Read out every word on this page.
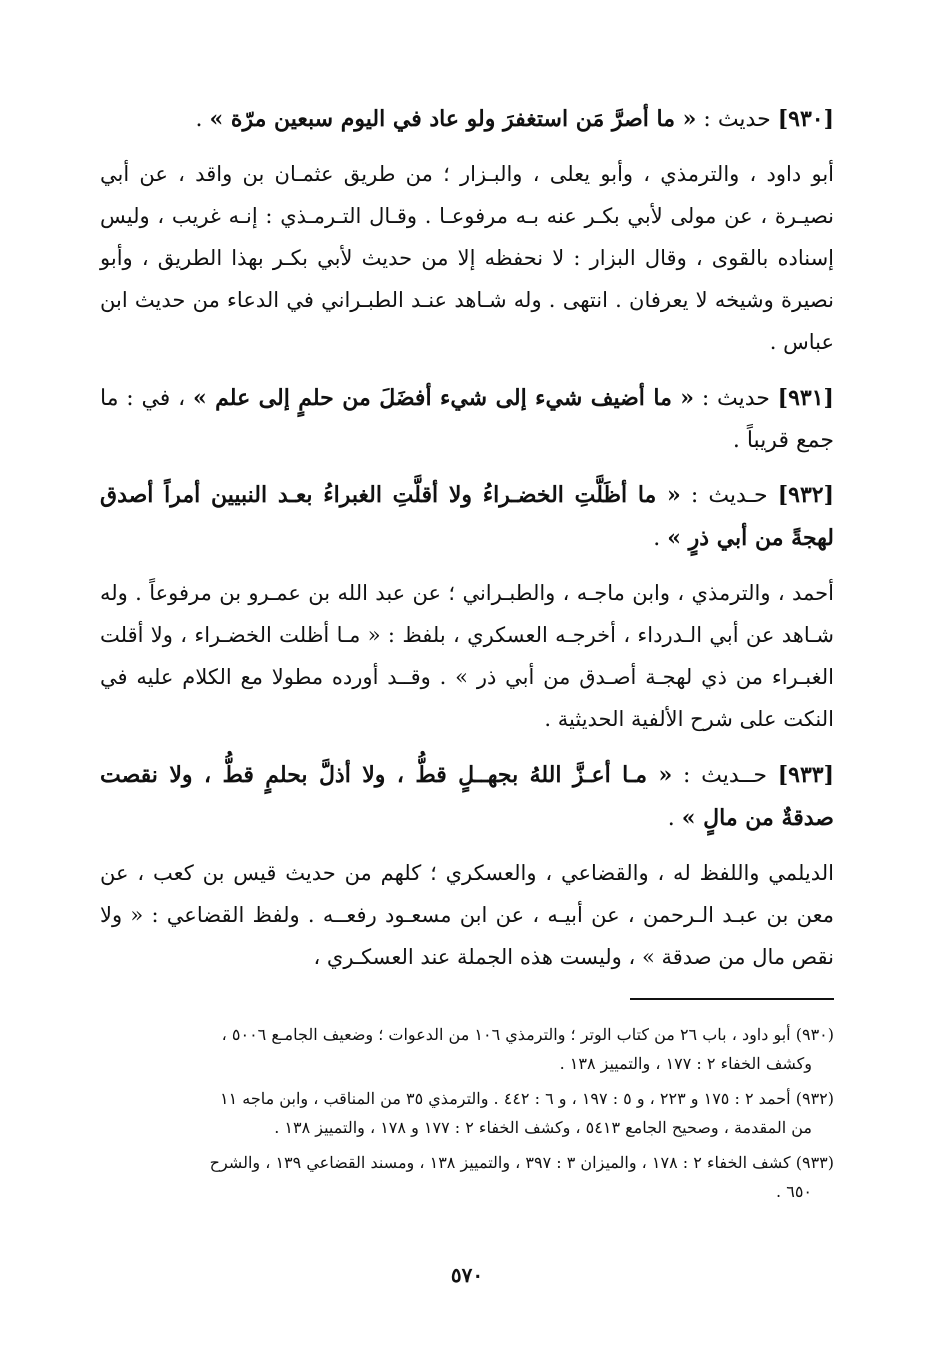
[٩٣٠] حديث : « ما أصرَّ مَن استغفرَ ولو عاد في اليوم سبعين مرّة » .
أبو داود ، والترمذي ، وأبو يعلى ، والبـزار ؛ من طريق عثمـان بن واقد ، عن أبي نصيـرة ، عن مولى لأبي بكـر عنه بـه مرفوعـا . وقـال التـرمـذي : إنـه غريب ، وليس إسناده بالقوى ، وقال البزار : لا نحفظه إلا من حديث لأبي بكـر بهذا الطريق ، وأبو نصيرة وشيخه لا يعرفان . انتهى . وله شـاهد عنـد الطبـراني في الدعاء من حديث ابن عباس .
[٩٣١] حديث : « ما أضيف شيء إلى شيء أفضَلَ من حلمٍ إلى علم » ، في : ما جمع قريباً .
[٩٣٢] حـديث : « ما أظَلَّتِ الخضـراءُ ولا أقلَّتِ الغبراءُ بعـد النبيين أمراً أصدق لهجةً من أبي ذرٍ » .
أحمد ، والترمذي ، وابن ماجـه ، والطبـراني ؛ عن عبد الله بن عمـرو بن مرفوعاً . وله شـاهد عن أبي الـدرداء ، أخرجـه العسكري ، بلفظ : « مـا أظلت الخضـراء ، ولا أقلت الغبـراء من ذي لهجـة أصـدق من أبي ذر » . وقــد أورده مطولا مع الكلام عليه في النكت على شرح الألفية الحديثية .
[٩٣٣] حــديث : « مـا أعـزَّ اللهُ بجهــلٍ قطُّ ، ولا أذلَّ بحلمٍ قطُّ ، ولا نقصت صدقةٌ من مالٍ » .
الديلمي واللفظ له ، والقضاعي ، والعسكري ؛ كلهم من حديث قيس بن كعب ، عن معن بن عبـد الـرحمن ، عن أبيـه ، عن ابن مسعـود رفعــه . ولفظ القضاعي : « ولا نقص مال من صدقة » ، وليست هذه الجملة عند العسكـري ،
(٩٣٠) أبو داود ، باب ٢٦ من كتاب الوتر ؛ والترمذي ١٠٦ من الدعوات ؛ وضعيف الجامـع ٥٠٠٦ ،
وكشف الخفاء ٢ : ١٧٧ ، والتمييز ١٣٨ .
(٩٣٢) أحمد ٢ : ١٧٥ و ٢٢٣ ، و ٥ : ١٩٧ ، و ٦ : ٤٤٢ . والترمذي ٣٥ من المناقب ، وابن ماجه ١١
من المقدمة ، وصحيح الجامع ٥٤١٣ ، وكشف الخفاء ٢ : ١٧٧ و ١٧٨ ، والتمييز ١٣٨ .
(٩٣٣) كشف الخفاء ٢ : ١٧٨ ، والميزان ٣ : ٣٩٧ ، والتمييز ١٣٨ ، ومسند القضاعي ١٣٩ ، والشرح
٦٥٠ .
٥٧٠
